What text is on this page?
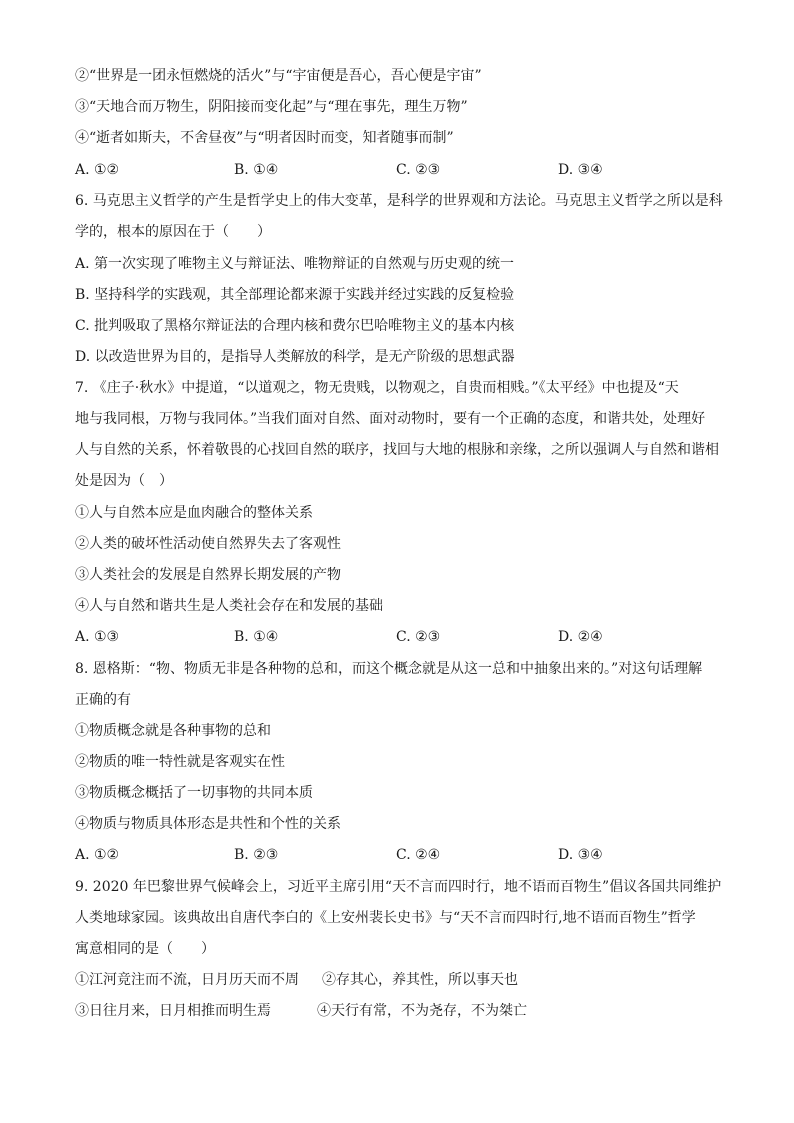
②“世界是一团永恒燃烧的活火”与“宇宙便是吾心，吾心便是宇宙”
③“天地合而万物生，阴阳接而变化起”与“理在事先，理生万物”
④“逝者如斯夫，不舍昼夜”与“明者因时而变，知者随事而制”
A. ①②	B. ①④	C. ②③	D. ③④
6. 马克思主义哲学的产生是哲学史上的伟大变革，是科学的世界观和方法论。马克思主义哲学之所以是科
学的，根本的原因在于（　　）
A. 第一次实现了唯物主义与辩证法、唯物辩证的自然观与历史观的统一
B. 坚持科学的实践观，其全部理论都来源于实践并经过实践的反复检验
C. 批判吸取了黑格尔辩证法的合理内核和费尔巴哈唯物主义的基本内核
D. 以改造世界为目的，是指导人类解放的科学，是无产阶级的思想武器
7. 《庄子·秋水》中提道，“以道观之，物无贵贱，以物观之，自贵而相贱。”《太平经》中也提及“天
地与我同根，万物与我同体。”当我们面对自然、面对动物时，要有一个正确的态度，和谐共处，处理好
人与自然的关系，怀着敬畏的心找回自然的联序，找回与大地的根脉和亲缘，之所以强调人与自然和谐相
处是因为（　）
①人与自然本应是血肉融合的整体关系
②人类的破坏性活动使自然界失去了客观性
③人类社会的发展是自然界长期发展的产物
④人与自然和谐共生是人类社会存在和发展的基础
A. ①③	B. ①④	C. ②③	D. ②④
8. 恩格斯：“物、物质无非是各种物的总和，而这个概念就是从这一总和中抽象出来的。”对这句话理解
正确的有
①物质概念就是各种事物的总和
②物质的唯一特性就是客观实在性
③物质概念概括了一切事物的共同本质
④物质与物质具体形态是共性和个性的关系
A. ①②	B. ②③	C. ②④	D. ③④
9. 2020 年巴黎世界气候峰会上，习近平主席引用“天不言而四时行，地不语而百物生”倡议各国共同维护
人类地球家园。该典故出自唐代李白的《上安州裴长史书》与“天不言而四时行,地不语而百物生”哲学
寓意相同的是（　　）
①江河竞注而不流，日月历天而不周 ②存其心，养其性，所以事天也
③日往月来，日月相推而明生焉	④天行有常，不为尧存，不为桀亡
